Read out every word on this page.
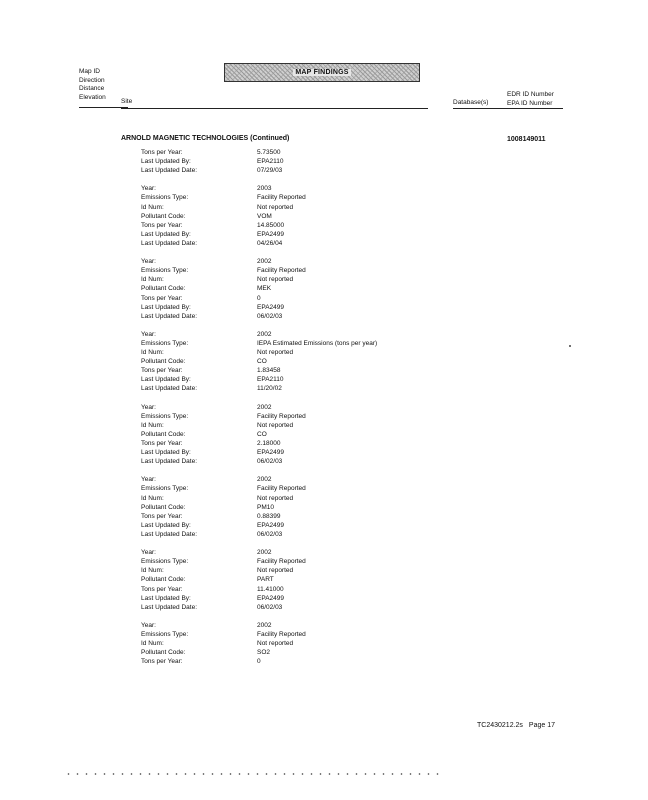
Map ID
Direction
Distance
Elevation
MAP FINDINGS
Site	Database(s)
EDR ID Number
EPA ID Number
ARNOLD MAGNETIC TECHNOLOGIES (Continued)	1008149011
Tons per Year:
Last Updated By:
Last Updated Date:
Year:
Emissions Type:
Id Num:
Pollutant Code:
Tons per Year:
Last Updated By:
Last Updated Date:
Year:
Emissions Type:
Id Num:
Pollutant Code:
Tons per Year:
Last Updated By:
Last Updated Date:
Year:
Emissions Type:
Id Num:
Pollutant Code:
Tons per Year:
Last Updated By:
Last Updated Date:
Year:
Emissions Type:
Id Num:
Pollutant Code:
Tons per Year:
Last Updated By:
Last Updated Date:
Year:
Emissions Type:
Id Num:
Pollutant Code:
Tons per Year:
Last Updated By:
Last Updated Date:
Year:
Emissions Type:
Id Num:
Pollutant Code:
Tons per Year:
Last Updated By:
Last Updated Date:
Year:
Emissions Type:
Id Num:
Pollutant Code:
Tons per Year:
5.73500
EPA2110
07/29/03
2003
Facility Reported
Not reported
VOM
14.85000
EPA2499
04/26/04
2002
Facility Reported
Not reported
MEK
0
EPA2499
06/02/03
2002
IEPA Estimated Emissions (tons per year)
Not reported
CO
1.83458
EPA2110
11/20/02
2002
Facility Reported
Not reported
CO
2.18000
EPA2499
06/02/03
2002
Facility Reported
Not reported
PM10
0.88399
EPA2499
06/02/03
2002
Facility Reported
Not reported
PART
11.41000
EPA2499
06/02/03
2002
Facility Reported
Not reported
SO2
0
TC2430212.2s Page 17
